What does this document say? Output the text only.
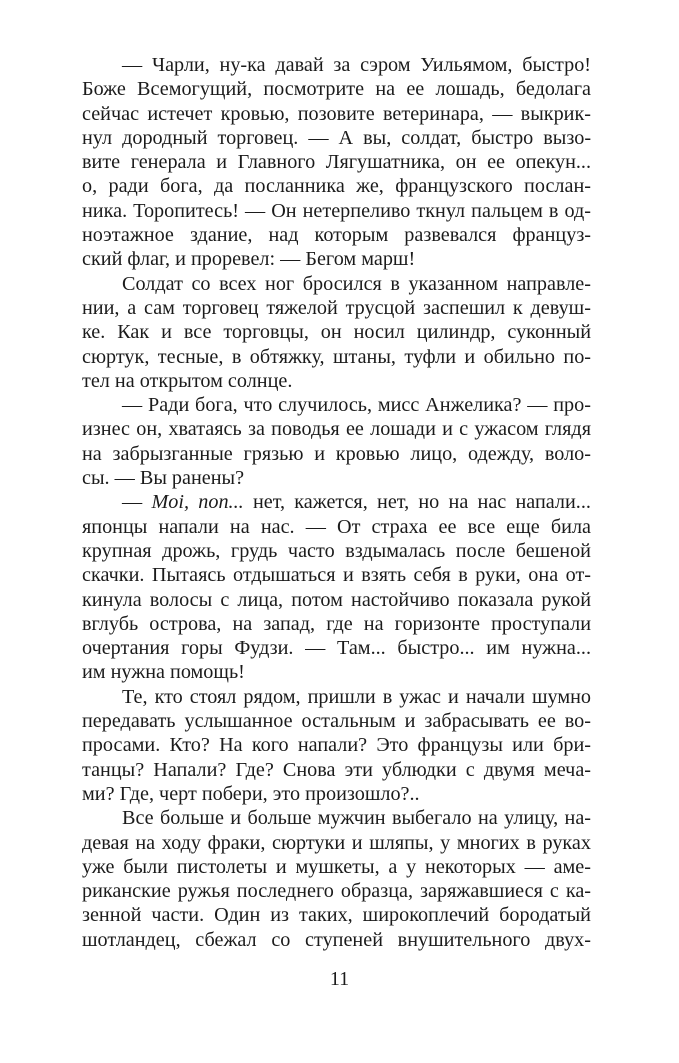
— Чарли, ну-ка давай за сэром Уильямом, быстро!
Боже Всемогущий, посмотрите на ее лошадь, бедолага
сейчас истечет кровью, позовите ветеринара, — выкрик-
нул дородный торговец. — А вы, солдат, быстро вызо-
вите генерала и Главного Лягушатника, он ее опекун...
о, ради бога, да посланника же, французского послан-
ника. Торопитесь! — Он нетерпеливо ткнул пальцем в од-
ноэтажное здание, над которым развевался француз-
ский флаг, и проревел: — Бегом марш!
Солдат со всех ног бросился в указанном направле-
нии, а сам торговец тяжелой трусцой заспешил к девуш-
ке. Как и все торговцы, он носил цилиндр, суконный
сюртук, тесные, в обтяжку, штаны, туфли и обильно по-
тел на открытом солнце.
— Ради бога, что случилось, мисс Анжелика? — про-
изнес он, хватаясь за поводья ее лошади и с ужасом глядя
на забрызганные грязью и кровью лицо, одежду, воло-
сы. — Вы ранены?
— Moi, non... нет, кажется, нет, но на нас напали...
японцы напали на нас. — От страха ее все еще била
крупная дрожь, грудь часто вздымалась после бешеной
скачки. Пытаясь отдышаться и взять себя в руки, она от-
кинула волосы с лица, потом настойчиво показала рукой
вглубь острова, на запад, где на горизонте проступали
очертания горы Фудзи. — Там... быстро... им нужна...
им нужна помощь!
Те, кто стоял рядом, пришли в ужас и начали шумно
передавать услышанное остальным и забрасывать ее во-
просами. Кто? На кого напали? Это французы или бри-
танцы? Напали? Где? Снова эти ублюдки с двумя меча-
ми? Где, черт побери, это произошло?..
Все больше и больше мужчин выбегало на улицу, на-
девая на ходу фраки, сюртуки и шляпы, у многих в руках
уже были пистолеты и мушкеты, а у некоторых — аме-
риканские ружья последнего образца, заряжавшиеся с ка-
зенной части. Один из таких, широкоплечий бородатый
шотландец, сбежал со ступеней внушительного двух-
11
